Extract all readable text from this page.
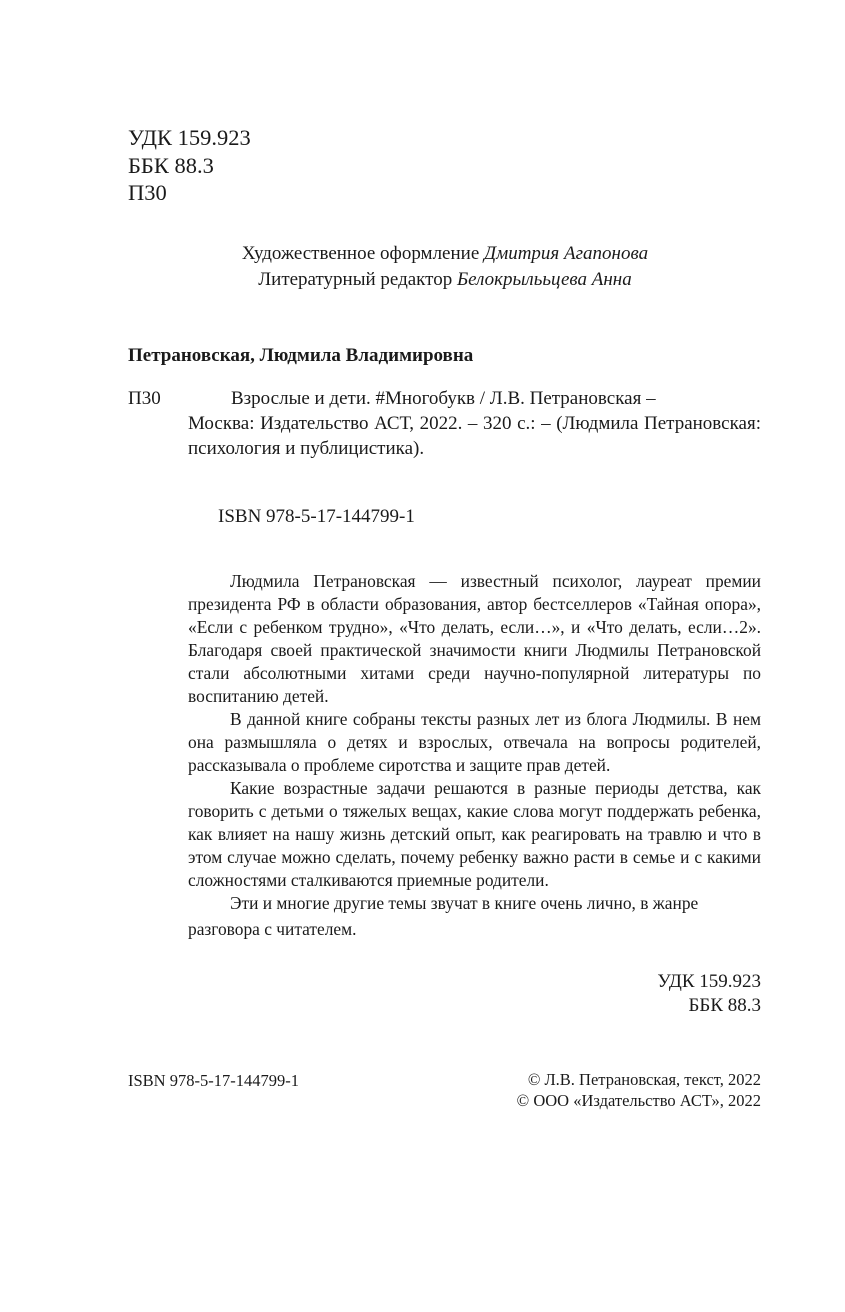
УДК 159.923
ББК 88.3
П30
Художественное оформление Дмитрия Агапонова
Литературный редактор Белокрылььцева Анна
Петрановская, Людмила Владимировна
П30	Взрослые и дети. #Многобукв / Л.В. Петрановская –
Москва: Издательство АСТ, 2022. – 320 с.: – (Людмила Петрановская: психология и публицистика).
ISBN 978-5-17-144799-1

Людмила Петрановская — известный психолог, лауреат премии президента РФ в области образования, автор бестселлеров «Тайная опора», «Если с ребенком трудно», «Что делать, если…», и «Что делать, если…2». Благодаря своей практической значимости книги Людмилы Петрановской стали абсолютными хитами среди научно-популярной литературы по воспитанию детей.

В данной книге собраны тексты разных лет из блога Людмилы. В нем она размышляла о детях и взрослых, отвечала на вопросы родителей, рассказывала о проблеме сиротства и защите прав детей.

Какие возрастные задачи решаются в разные периоды детства, как говорить с детьми о тяжелых вещах, какие слова могут поддержать ребенка, как влияет на нашу жизнь детский опыт, как реагировать на травлю и что в этом случае можно сделать, почему ребенку важно расти в семье и с какими сложностями сталкиваются приемные родители.

Эти и многие другие темы звучат в книге очень лично, в жанре

разговора с читателем.

УДК 159.923
ББК 88.3
ISBN 978-5-17-144799-1	© Л.В. Петрановская, текст, 2022
© ООО «Издательство АСТ», 2022
